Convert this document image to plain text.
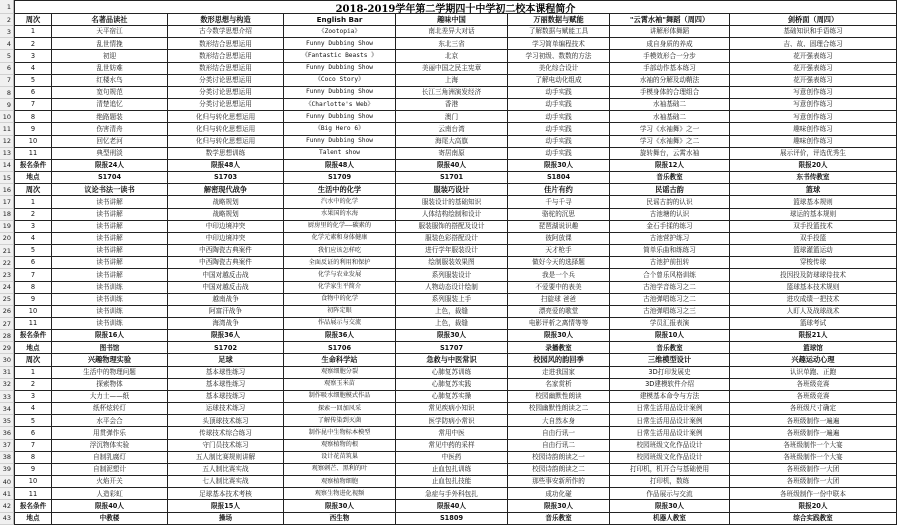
2018-2019学年第二学期四十中学初二校本课程简介
1
2	周次	名著品读社	数形思想与构造	English Bar	趣味中国	万丽数据与赋能	"云霄水袖"舞蹈（周四）	剑桥面（周四）
3	1	天平宿江	古今数学思想介绍	《Zootopia》	南北差异大对话	了解数据与赋能工具	讲解形体舞蹈	基础知识和手语练习
4	2	乱世情挽	数形结合思想运用	Funny Dubbing Show	东北三省	学习简单编程技术	成自身质的养成	吉、故、固理合练习
5	3	初迎	数形结合思想运用	《Fantastic Beasts 》	北京	学习初级、数数的方法	手模效形合一分步	花开强表练习
6	4	乱世妨难	数形结合思想运用	Funny Dubbing Show	美丽中国之民主宪章	美化综合设计	手部动作基本练习	花开强表练习
7	5	红楼水鸟	分类讨论思想运用	《Coco Story》	上海	了解电动化组成	水袖的分解及动鞘法	花开强表练习
8	6	宽句规范	分类讨论思想运用	Funny Dubbing Show	长江三角洲演发经济	动手实践	手模身体的合理组合	写意创作练习
9	7	清楚追忆	分类讨论思想运用	《Charlotte's Web》	香港	动手实践	水袖基础二	写意创作练习
10	8	绝路题装	化归与转化思想运用	Funny Dubbing Show	澳门	动手实践	水袖基础二	写意创作练习
11	9	伤害清舟	化归与转化思想运用	《Big Hero 6》	云南台湾	动手实践	学习《水袖舞》之一	趣味创作练习
12	10	回忆老河	化归与转化思想运用	Funny Dubbing Show	海尾大高旗	动手实践	学习《水袖舞》之二	趣味创作练习
13	11	典型刑淡	数学思想训练	Talent show	寄居南原	动手实践	旋转舞台，云霄水袖	展示评价，评选优秀生
14	报名条件	限报24人	限报48人	限报48人	限报40人	限报30人	限报12人	限报20人
15	地点	S1704	S1703	S1709	S1701	S1804	音乐教室	东书传教室
16	周次	议论书法一读书	解密现代战争	生活中的化学	服装巧设计	佳片有约	民谣古韵	篮球
17	1	读书讲解	战略规划	汽水中的化学	服装设计的基础知识	千与千寻	民谣古韵的认识	篮球基本规则
18	2	读书讲解	战略规划	水果国的水海	人体结构绘制和设计	骆驼的沉思	古池塘的认识	球运的基本规则
19	3	读书讲解	中印边境冲突	厨房里的化学——碳素的	服装服饰的搭配及设计	琵琶湖说识趣	金石手揉的练习	双手投篮技术
20	4	读书讲解	中印边境冲突	化学元素和身体健康	服装色彩搭配设计	彼阿放课	古池营护练习	双手投篮
21	5	读书讲解	中西陶瓷古典案件	我们应该怎样吃	进行学年服装设计	天才枪手	简单乐曲和练练习	篮球灌篮运动
22	6	读书讲解	中西陶瓷古典案件	全面反证的利用和保护	绘制服装效果图	做好今天的选择题	古池护前扭转	穿梭传球
23	7	读书讲解	中国对越反击战	化学与农业发展	系列服装设计	我是一个兵	合个曾乐风格训练	投因投及防球球侍技术
24	8	读书训练	中国对越反击战	化学家生平简介	人物动态设计绘制	不爱要中的表美	古池学音练习之二	篮球基本技术规则
25	9	读书训练	越南战争	食物中的化学	系列服装上手	扫旋球 爸爸	古池弹唱练习之二	进攻成绩一把技术
26	10	读书训练	阿富汗战争	初阵定眼	上色，裁缝	漂亮爱的歌堂	古池弹唱练习之三	人盯人及战球战术
27	11	读书训练	海湾战争	作品展示与交流	上色，裁缝	电影评析之离情等等	学员汇报表演	篮球考试
28	报名条件	限报16人	限报36人	限报36人	限报30人	限报30人	限报10人	限报21人
29	地点	图书馆	S1702	S1706	S1707	录播教室	音乐教室	篮球馆
30	周次	兴趣物理实验	足球	生命科学站	急救与中医常识	校园风的韵回季	三维模型设计	兴趣运动心理
31	1	生活中的物理问题	基本球性练习	观察细胞分裂	心肺复苏训练	走进我国家	3D打印发展史	认识单跑、正跑
32	2	探索物体	基本球性练习	观察玉米苗	心肺复苏实践	名家赏析	3D建模软件介绍	各班级竞赛
33	3	大力士——纸	基本球技练习	制作吸水细胞模式作品	心肺复苏实操	校园幽默性朗读	建模基本命令与方法	各班级竞赛
34	4	纸杯炫转灯	运球技术练习	探索一回加风采	常见疾病小知识	校园幽默性朗读之二	日常生活用品设计案例	各班级尺寸确定
35	5	水平会合	头顶球技术练习	了解传染到灭菌	医学防病小常识	大自然本身	日常生活用品设计案例	各班级制作一遍遍
36	6	用贯弹作乐	传球技术综合练习	制作昆中生物标本模型	常用中医	自由行讯一	日常生活用品设计案例	各班级制作一遍遍
37	7	浮沉物体实验	守门员技术练习	观察植物的根	常见中药的采样	自由行讯二	校园班级文化作品设计	各班级制作一个大宴
38	8	自制乳腐灯	五人制比赛规则讲解	设计花苗筑巢	中医药	校园诗韵朗读之一	校园班级文化作品设计	各班级制作一个大宴
39	9	自制泥塑计	五人制比赛实战	观察刺芒、黑利的叶	止血包扎训练	校园诗韵朗读之二	打印机，机开合与基础使用	各班级制作一大团
40	10	火焰开关	七人制比赛实战	观察植物细胞	止血包扎技能	那些事安新所作的	打印机，数练	各班级制作一大团
41	11	人造彩虹	足球基本技术考核	观察生物进化视频	急症与手外科包扎	成功化碰	作品展示与交流	各班级制作一份中联本
42	报名条件	限报40人	限报15人	限报30人	限报40人	限报30人	限报30人	限报20人
43	地点	中教楼	操场	西生物	S1809	音乐教室	机器人教室	综合实践教室
